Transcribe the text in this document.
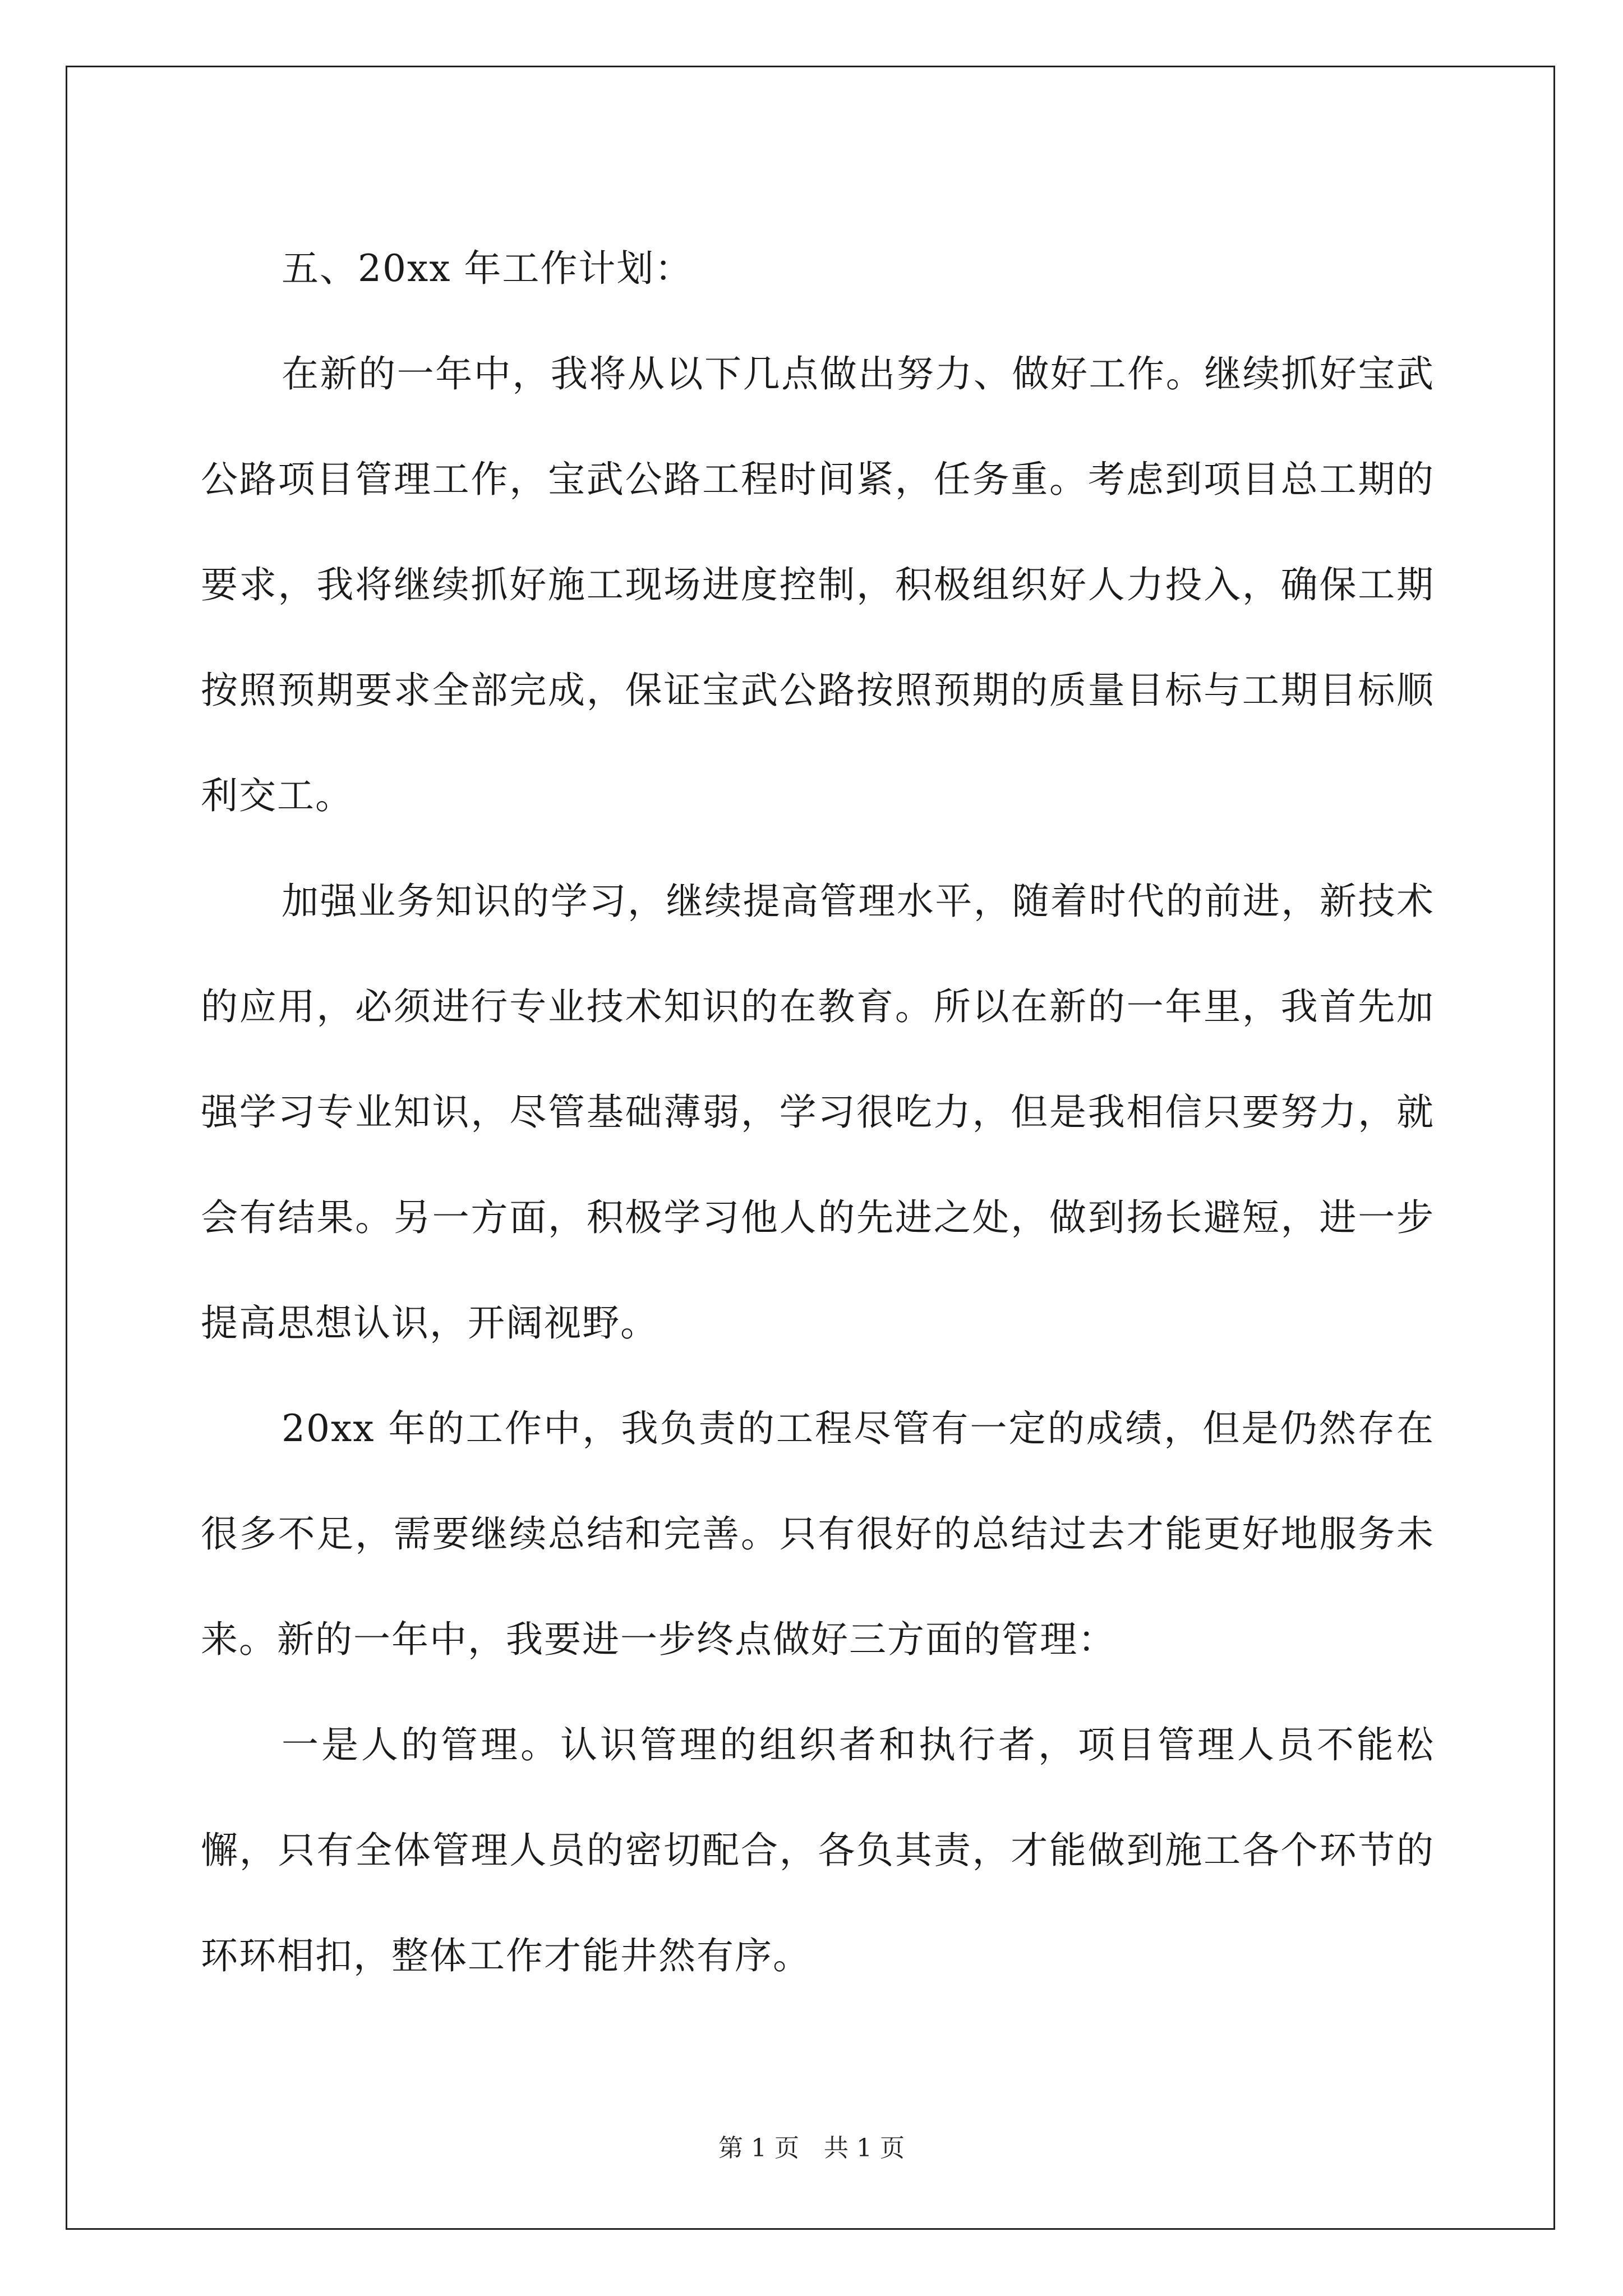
五、20xx 年工作计划：

在新的一年中，我将从以下几点做出努力、做好工作。继续抓好宝武公路项目管理工作，宝武公路工程时间紧，任务重。考虑到项目总工期的要求，我将继续抓好施工现场进度控制，积极组织好人力投入，确保工期按照预期要求全部完成，保证宝武公路按照预期的质量目标与工期目标顺利交工。

加强业务知识的学习，继续提高管理水平，随着时代的前进，新技术的应用，必须进行专业技术知识的在教育。所以在新的一年里，我首先加强学习专业知识，尽管基础薄弱，学习很吃力，但是我相信只要努力，就会有结果。另一方面，积极学习他人的先进之处，做到扬长避短，进一步提高思想认识，开阔视野。

20xx 年的工作中，我负责的工程尽管有一定的成绩，但是仍然存在很多不足，需要继续总结和完善。只有很好的总结过去才能更好地服务未来。新的一年中，我要进一步终点做好三方面的管理：

一是人的管理。认识管理的组织者和执行者，项目管理人员不能松懈，只有全体管理人员的密切配合，各负其责，才能做到施工各个环节的环环相扣，整体工作才能井然有序。

第 1 页　共 1 页
